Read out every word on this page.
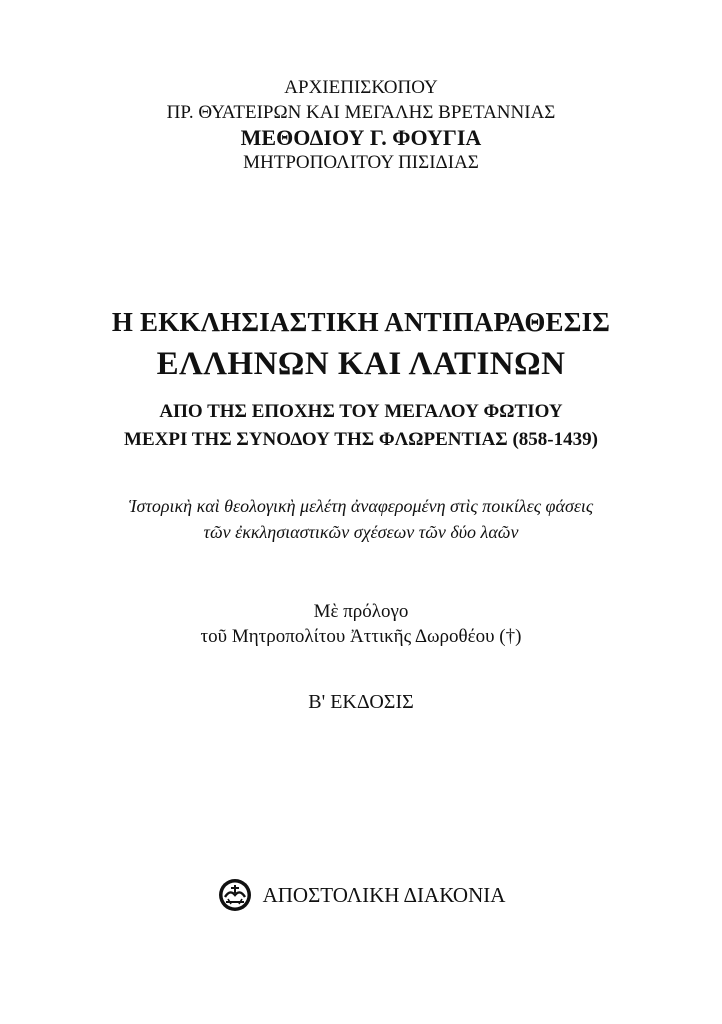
ΑΡΧΙΕΠΙΣΚΟΠΟΥ
ΠΡ. ΘΥΑΤΕΙΡΩΝ ΚΑΙ ΜΕΓΑΛΗΣ ΒΡΕΤΑΝΝΙΑΣ
ΜΕΘΟΔΙΟΥ Γ. ΦΟΥΓΙΑ
ΜΗΤΡΟΠΟΛΙΤΟΥ ΠΙΣΙΔΙΑΣ
Η ΕΚΚΛΗΣΙΑΣΤΙΚΗ ΑΝΤΙΠΑΡΑΘΕΣΙΣ
ΕΛΛΗΝΩΝ ΚΑΙ ΛΑΤΙΝΩΝ
ΑΠΟ ΤΗΣ ΕΠΟΧΗΣ ΤΟΥ ΜΕΓΑΛΟΥ ΦΩΤΙΟΥ
ΜΕΧΡΙ ΤΗΣ ΣΥΝΟΔΟΥ ΤΗΣ ΦΛΩΡΕΝΤΙΑΣ (858-1439)
Ἱστορικὴ καὶ θεολογικὴ μελέτη ἀναφερομένη στὶς ποικίλες φάσεις
τῶν ἐκκλησιαστικῶν σχέσεων τῶν δύο λαῶν
Μὲ πρόλογο
τοῦ Μητροπολίτου Ἀττικῆς Δωροθέου (†)
Β' ΕΚΔΟΣΙΣ
ΑΠΟΣΤΟΛΙΚΗ ΔΙΑΚΟΝΙΑ
